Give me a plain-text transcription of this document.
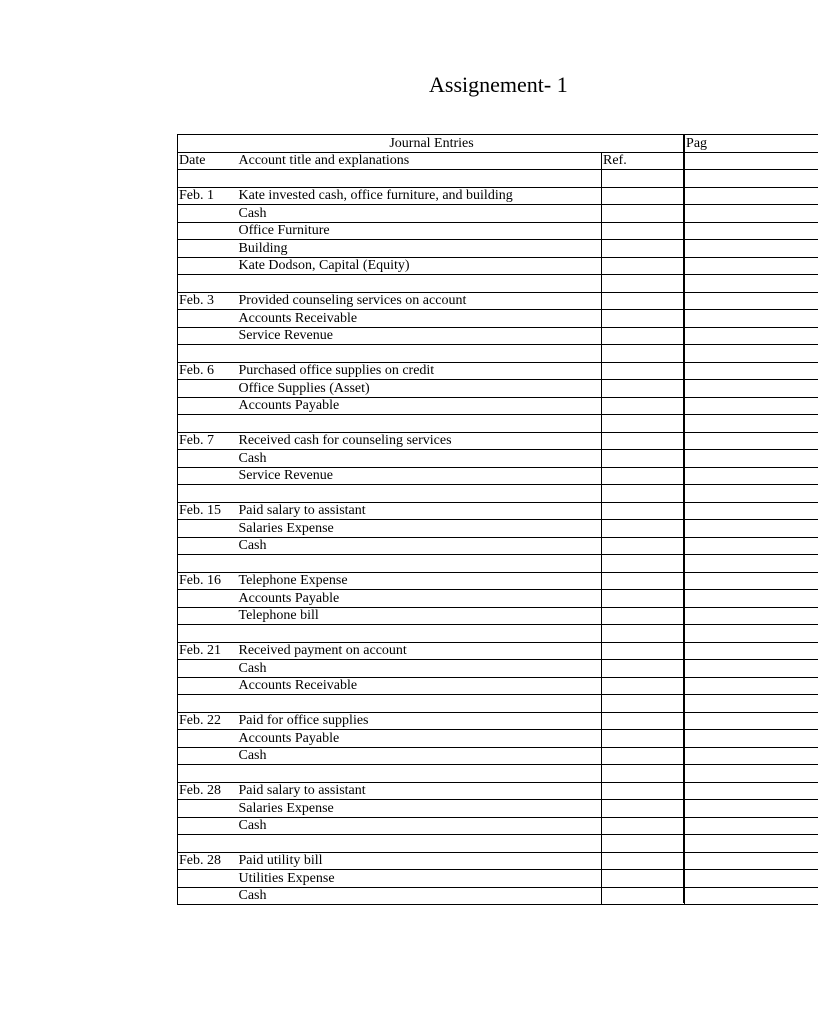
Assignement- 1
Journal Entries			Pag
Date	Account title and explanations	Ref.	

Feb. 1	Kate invested cash, office furniture, and building		
	Cash		
	Office Furniture		
	Building		
	Kate Dodson, Capital (Equity)		

Feb. 3	Provided counseling services on account		
	Accounts Receivable		
	Service Revenue		

Feb. 6	Purchased office supplies on credit		
	Office Supplies (Asset)		
	Accounts Payable		

Feb. 7	Received cash for counseling services		
	Cash		
	Service Revenue		

Feb. 15	Paid salary to assistant		
	Salaries Expense		
	Cash		

Feb. 16	Telephone Expense		
	Accounts Payable		
	Telephone bill		

Feb. 21	Received payment on account		
	Cash		
	Accounts Receivable		

Feb. 22	Paid for office supplies		
	Accounts Payable		
	Cash		

Feb. 28	Paid salary to assistant		
	Salaries Expense		
	Cash		

Feb. 28	Paid utility bill		
	Utilities Expense		
	Cash		
